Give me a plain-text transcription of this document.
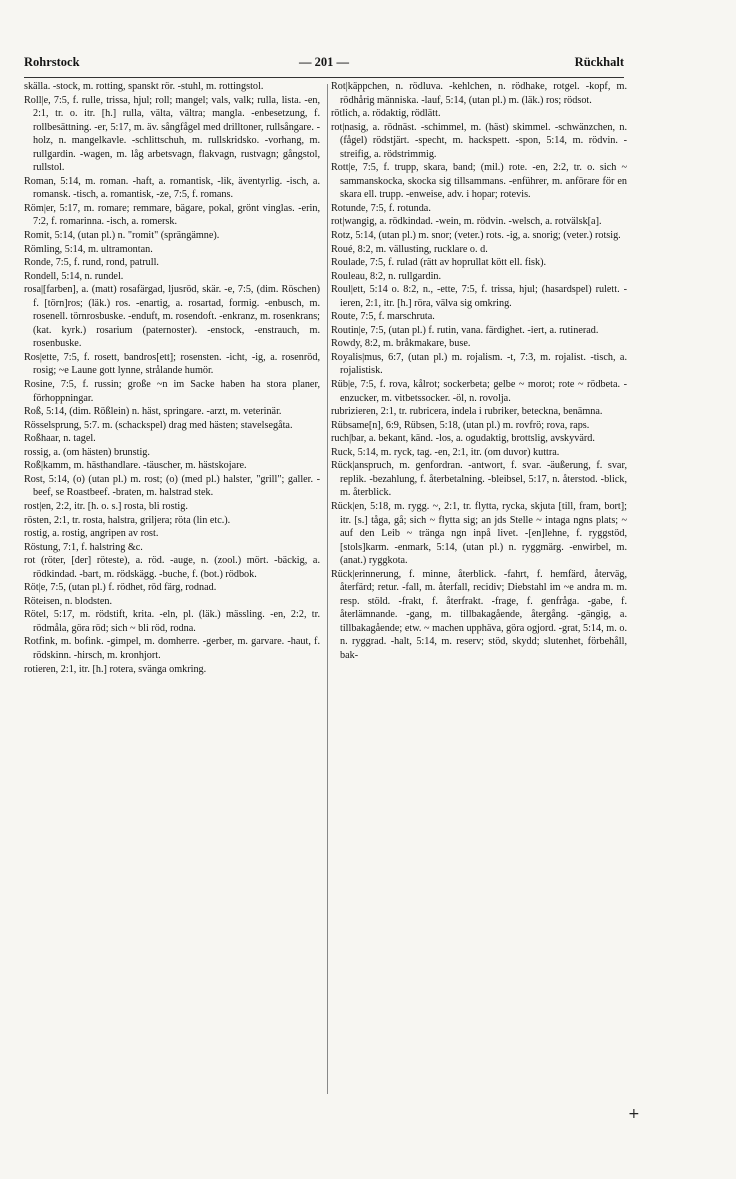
Rohrstock	— 201 —	Rückhalt

skälla. -stock, m. rotting, spanskt rör. -stuhl, m. rottingstol.

Roll|e, 7:5, f. rulle, trissa, hjul; roll; mangel; vals, valk; rulla, lista. -en, 2:1, tr. o. itr. [h.] rulla, välta, vältra; mangla. -enbesetzung, f. rollbesättning. -er, 5:17, m. äv. sångfågel med drilltoner, rullsångare. -holz, n. mangelkavle. -schlittschuh, m. rullskridsko. -vorhang, m. rullgardin. -wagen, m. låg arbetsvagn, flakvagn, rustvagn; gångstol, rullstol.

Roman, 5:14, m. roman. -haft, a. romantisk, -lik, äventyrlig. -isch, a. romansk. -tisch, a. romantisk, -ze, 7:5, f. romans.

Röm|er, 5:17, m. romare; remmare, bägare, pokal, grönt vinglas. -erin, 7:2, f. romarinna. -isch, a. romersk.

Romit, 5:14, (utan pl.) n. "romit" (sprängämne).

Römling, 5:14, m. ultramontan.

Ronde, 7:5, f. rund, rond, patrull.

Rondell, 5:14, n. rundel.

rosa|[farben], a. (matt) rosafärgad, ljusröd, skär. -e, 7:5, (dim. Röschen) f. [törn]ros; (läk.) ros. -enartig, a. rosartad, formig. -enbusch, m. rosenell. törnrosbuske. -enduft, m. rosendoft. -enkranz, m. rosenkrans; (kat. kyrk.) rosarium (paternoster). -enstock, -enstrauch, m. rosenbuske.

Ros|ette, 7:5, f. rosett, bandros[ett]; rosensten. -icht, -ig, a. rosenröd, rosig; ~e Laune gott lynne, strålande humör.

Rosine, 7:5, f. russin; große ~n im Sacke haben ha stora planer, förhoppningar.

Roß, 5:14, (dim. Rößlein) n. häst, springare. -arzt, m. veterinär.

Rösselsprung, 5:7. m. (schackspel) drag med hästen; stavelsegåta.

Roßhaar, n. tagel.

rossig, a. (om hästen) brunstig.

Roß|kamm, m. hästhandlare. -täuscher, m. hästskojare.

Rost, 5:14, (o) (utan pl.) m. rost; (o) (med pl.) halster, "grill"; galler. -beef, se Roastbeef. -braten, m. halstrad stek.

rost|en, 2:2, itr. [h. o. s.] rosta, bli rostig.

rösten, 2:1, tr. rosta, halstra, griljera; röta (lin etc.).

rostig, a. rostig, angripen av rost.

Röstung, 7:1, f. halstring &c.

rot (röter, [der] röteste), a. röd. -auge, n. (zool.) mört. -bäckig, a. rödkindad. -bart, m. rödskägg. -buche, f. (bot.) rödbok.

Röt|e, 7:5, (utan pl.) f. rödhet, röd färg, rodnad.

Röteisen, n. blodsten.

Rötel, 5:17, m. rödstift, krita. -eln, pl. (läk.) mässling. -en, 2:2, tr. rödmåla, göra röd; sich ~ bli röd, rodna.

Rotfink, m. bofink. -gimpel, m. domherre. -gerber, m. garvare. -haut, f. rödskinn. -hirsch, m. kronhjort.

rotieren, 2:1, itr. [h.] rotera, svänga omkring.

Rot|käppchen, n. rödluva. -kehlchen, n. rödhake, rotgel. -kopf, m. rödhårig människa. -lauf, 5:14, (utan pl.) m. (läk.) ros; rödsot.

rötlich, a. rödaktig, rödlätt.

rot|nasig, a. rödnäst. -schimmel, m. (häst) skimmel. -schwänzchen, n. (fågel) rödstjärt. -specht, m. hackspett. -spon, 5:14, m. rödvin. -streifig, a. rödstrimmig.

Rott|e, 7:5, f. trupp, skara, band; (mil.) rote. -en, 2:2, tr. o. sich ~ sammanskocka, skocka sig tillsammans. -enführer, m. anförare för en skara ell. trupp. -enweise, adv. i hopar; rotevis.

Rotunde, 7:5, f. rotunda.

rot|wangig, a. rödkindad. -wein, m. rödvin. -welsch, a. rotvälsk[a].

Rotz, 5:14, (utan pl.) m. snor; (veter.) rots. -ig, a. snorig; (veter.) rotsig.

Roué, 8:2, m. vällusting, rucklare o. d.

Roulade, 7:5, f. rulad (rätt av hoprullat kött ell. fisk).

Rouleau, 8:2, n. rullgardin.

Roul|ett, 5:14 o. 8:2, n., -ette, 7:5, f. trissa, hjul; (hasardspel) rulett. -ieren, 2:1, itr. [h.] röra, välva sig omkring.

Route, 7:5, f. marschruta.

Routin|e, 7:5, (utan pl.) f. rutin, vana. färdighet. -iert, a. rutinerad.

Rowdy, 8:2, m. bråkmakare, buse.

Royalis|mus, 6:7, (utan pl.) m. rojalism. -t, 7:3, m. rojalist. -tisch, a. rojalistisk.

Rüb|e, 7:5, f. rova, kålrot; sockerbeta; gelbe ~ morot; rote ~ rödbeta. -enzucker, m. vitbetssocker. -öl, n. rovolja.

rubrizieren, 2:1, tr. rubricera, indela i rubriker, beteckna, benämna.

Rübsame[n], 6:9, Rübsen, 5:18, (utan pl.) m. rovfrö; rova, raps.

ruch|bar, a. bekant, känd. -los, a. ogudaktig, brottslig, avskyvärd.

Ruck, 5:14, m. ryck, tag. -en, 2:1, itr. (om duvor) kuttra.

Rück|anspruch, m. genfordran. -antwort, f. svar. -äußerung, f. svar, replik. -bezahlung, f. återbetalning. -bleibsel, 5:17, n. återstod. -blick, m. återblick.

Rück|en, 5:18, m. rygg. ~, 2:1, tr. flytta, rycka, skjuta [till, fram, bort]; itr. [s.] tåga, gå; sich ~ flytta sig; an jds Stelle ~ intaga ngns plats; ~ auf den Leib ~ tränga ngn inpå livet. -[en]lehne, f. ryggstöd, [stols]karm. -enmark, 5:14, (utan pl.) n. ryggmärg. -enwirbel, m. (anat.) ryggkota.

Rück|erinnerung, f. minne, återblick. -fahrt, f. hemfärd, återväg, återfärd; retur. -fall, m. återfall, recidiv; Diebstahl im ~e andra m. m. resp. stöld. -frakt, f. återfrakt. -frage, f. genfråga. -gabe, f. återlämnande. -gang, m. tillbakagående, återgång. -gängig, a. tillbakagående; etw. ~ machen upphäva, göra ogjord. -grat, 5:14, m. o. n. ryggrad. -halt, 5:14, m. reserv; stöd, skydd; slutenhet, förbehåll, bak-

+
